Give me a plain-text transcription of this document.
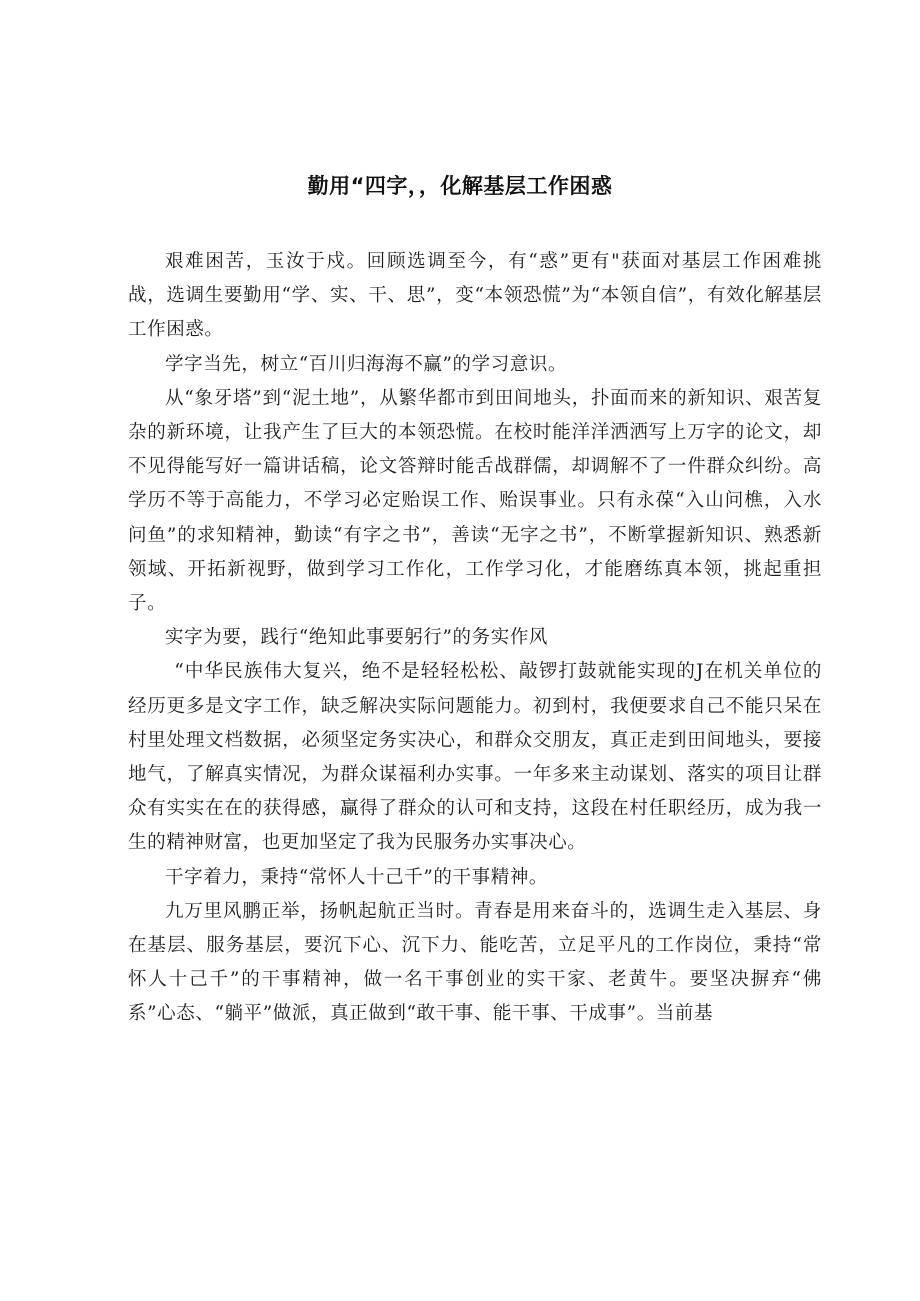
勤用“四字，，化解基层工作困惑

艰难困苦，玉汝于戍。回顾选调至今，有“惑”更有"获面对基层工作困难挑战，选调生要勤用“学、实、干、思”，变“本领恐慌”为“本领自信”，有效化解基层工作困惑。

学字当先，树立“百川归海海不赢”的学习意识。

从“象牙塔”到“泥土地”，从繁华都市到田间地头，扑面而来的新知识、艰苦复杂的新环境，让我产生了巨大的本领恐慌。在校时能洋洋洒洒写上万字的论文，却不见得能写好一篇讲话稿，论文答辩时能舌战群儒，却调解不了一件群众纠纷。高学历不等于高能力，不学习必定贻误工作、贻误事业。只有永葆“入山问樵，入水问鱼”的求知精神，勤读“有字之书”，善读“无字之书”，不断掌握新知识、熟悉新领域、开拓新视野，做到学习工作化，工作学习化，才能磨练真本领，挑起重担子。

实字为要，践行“绝知此事要躬行”的务实作风

“中华民族伟大复兴，绝不是轻轻松松、敲锣打鼓就能实现的J在机关单位的经历更多是文字工作，缺乏解决实际问题能力。初到村，我便要求自己不能只呆在村里处理文档数据，必须坚定务实决心，和群众交朋友，真正走到田间地头，要接地气，了解真实情况，为群众谋福利办实事。一年多来主动谋划、落实的项目让群众有实实在在的获得感，赢得了群众的认可和支持，这段在村任职经历，成为我一生的精神财富，也更加坚定了我为民服务办实事决心。

干字着力，秉持“常怀人十己千”的干事精神。

九万里风鹏正举，扬帆起航正当时。青春是用来奋斗的，选调生走入基层、身在基层、服务基层，要沉下心、沉下力、能吃苦，立足平凡的工作岗位，秉持“常怀人十己千”的干事精神，做一名干事创业的实干家、老黄牛。要坚决摒弃“佛系”心态、“躺平”做派，真正做到“敢干事、能干事、干成事”。当前基
